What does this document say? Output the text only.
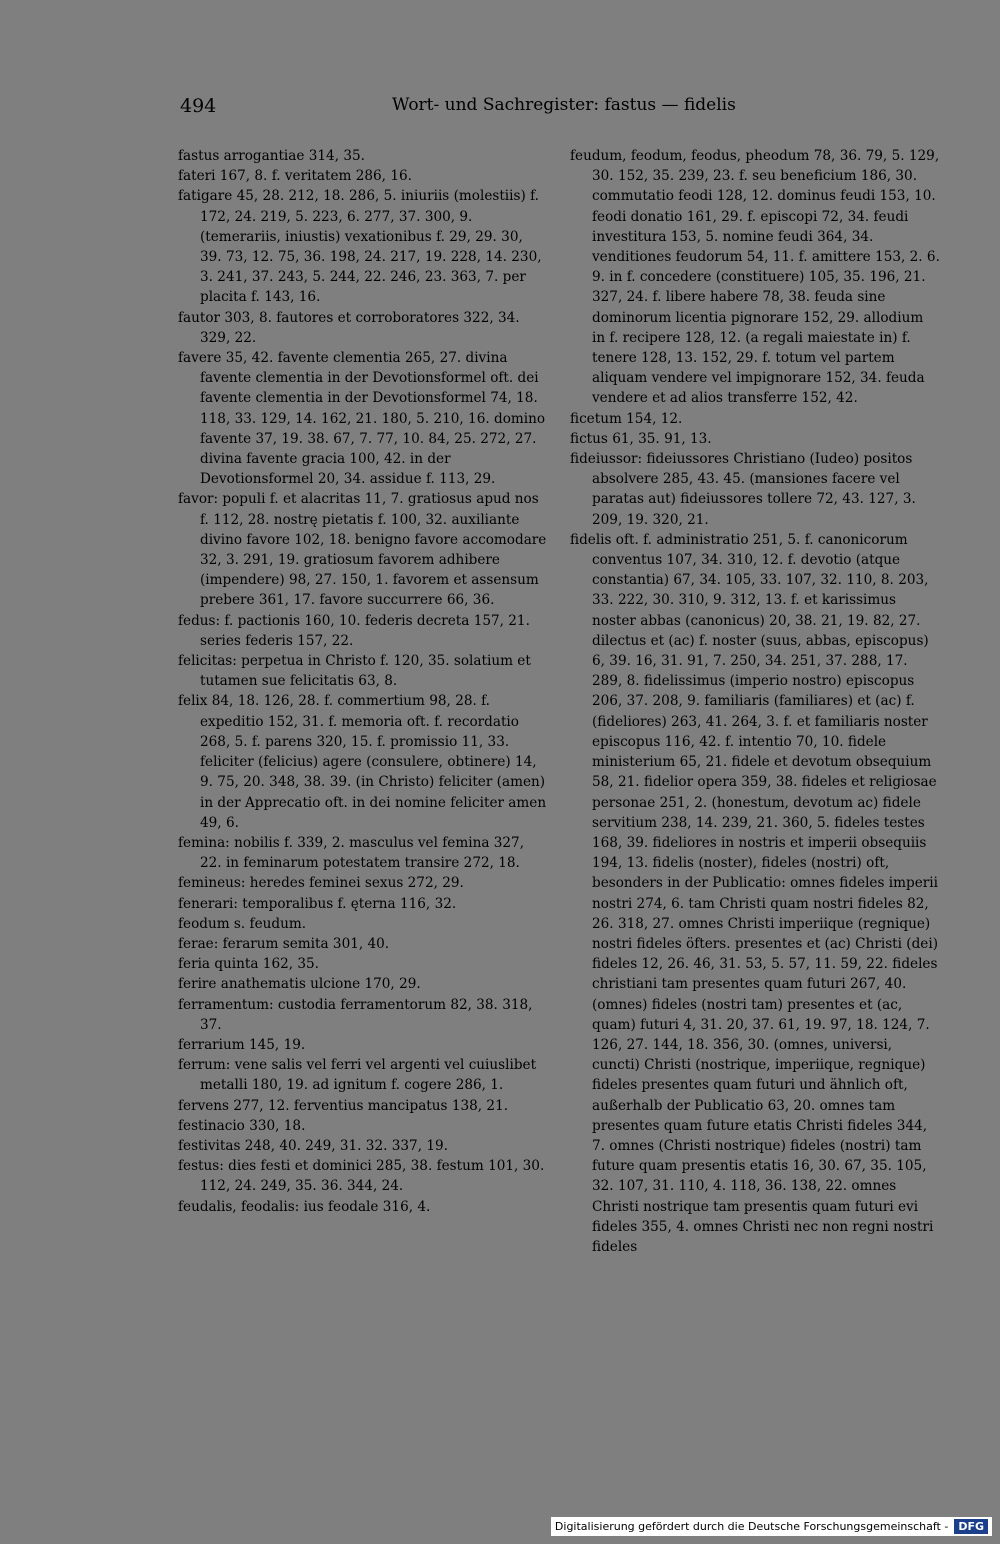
494	Wort- und Sachregister: fastus — fidelis

fastus arrogantiae 314, 35.

fateri 167, 8. f. veritatem 286, 16.

fatigare 45, 28. 212, 18. 286, 5. iniuriis (molestiis) f. 172, 24. 219, 5. 223, 6. 277, 37. 300, 9. (temerariis, iniustis) vexationibus f. 29, 29. 30, 39. 73, 12. 75, 36. 198, 24. 217, 19. 228, 14. 230, 3. 241, 37. 243, 5. 244, 22. 246, 23. 363, 7. per placita f. 143, 16.

fautor 303, 8. fautores et corroboratores 322, 34. 329, 22.

favere 35, 42. favente clementia 265, 27. divina favente clementia in der Devotionsformel oft. dei favente clementia in der Devotionsformel 74, 18. 118, 33. 129, 14. 162, 21. 180, 5. 210, 16. domino favente 37, 19. 38. 67, 7. 77, 10. 84, 25. 272, 27. divina favente gracia 100, 42. in der Devotionsformel 20, 34. assidue f. 113, 29.

favor: populi f. et alacritas 11, 7. gratiosus apud nos f. 112, 28. nostrę pietatis f. 100, 32. auxiliante divino favore 102, 18. benigno favore accomodare 32, 3. 291, 19. gratiosum favorem adhibere (impendere) 98, 27. 150, 1. favorem et assensum prebere 361, 17. favore succurrere 66, 36.

fedus: f. pactionis 160, 10. federis decreta 157, 21. series federis 157, 22.

felicitas: perpetua in Christo f. 120, 35. solatium et tutamen sue felicitatis 63, 8.

felix 84, 18. 126, 28. f. commertium 98, 28. f. expeditio 152, 31. f. memoria oft. f. recordatio 268, 5. f. parens 320, 15. f. promissio 11, 33. feliciter (felicius) agere (consulere, obtinere) 14, 9. 75, 20. 348, 38. 39. (in Christo) feliciter (amen) in der Apprecatio oft. in dei nomine feliciter amen 49, 6.

femina: nobilis f. 339, 2. masculus vel femina 327, 22. in feminarum potestatem transire 272, 18.

femineus: heredes feminei sexus 272, 29.

fenerari: temporalibus f. ęterna 116, 32.

feodum s. feudum.

ferae: ferarum semita 301, 40.

feria quinta 162, 35.

ferire anathematis ulcione 170, 29.

ferramentum: custodia ferramentorum 82, 38. 318, 37.

ferrarium 145, 19.

ferrum: vene salis vel ferri vel argenti vel cuiuslibet metalli 180, 19. ad ignitum f. cogere 286, 1.

fervens 277, 12. ferventius mancipatus 138, 21.

festinacio 330, 18.

festivitas 248, 40. 249, 31. 32. 337, 19.

festus: dies festi et dominici 285, 38. festum 101, 30. 112, 24. 249, 35. 36. 344, 24.

feudalis, feodalis: ius feodale 316, 4.

feudum, feodum, feodus, pheodum 78, 36. 79, 5. 129, 30. 152, 35. 239, 23. f. seu beneficium 186, 30. commutatio feodi 128, 12. dominus feudi 153, 10. feodi donatio 161, 29. f. episcopi 72, 34. feudi investitura 153, 5. nomine feudi 364, 34. venditiones feudorum 54, 11. f. amittere 153, 2. 6. 9. in f. concedere (constituere) 105, 35. 196, 21. 327, 24. f. libere habere 78, 38. feuda sine dominorum licentia pignorare 152, 29. allodium in f. recipere 128, 12. (a regali maiestate in) f. tenere 128, 13. 152, 29. f. totum vel partem aliquam vendere vel impignorare 152, 34. feuda vendere et ad alios transferre 152, 42.

ficetum 154, 12.

fictus 61, 35. 91, 13.

fideiussor: fideiussores Christiano (Iudeo) positos absolvere 285, 43. 45. (mansiones facere vel paratas aut) fideiussores tollere 72, 43. 127, 3. 209, 19. 320, 21.

fidelis oft. f. administratio 251, 5. f. canonicorum conventus 107, 34. 310, 12. f. devotio (atque constantia) 67, 34. 105, 33. 107, 32. 110, 8. 203, 33. 222, 30. 310, 9. 312, 13. f. et karissimus noster abbas (canonicus) 20, 38. 21, 19. 82, 27. dilectus et (ac) f. noster (suus, abbas, episcopus) 6, 39. 16, 31. 91, 7. 250, 34. 251, 37. 288, 17. 289, 8. fidelissimus (imperio nostro) episcopus 206, 37. 208, 9. familiaris (familiares) et (ac) f. (fideliores) 263, 41. 264, 3. f. et familiaris noster episcopus 116, 42. f. intentio 70, 10. fidele ministerium 65, 21. fidele et devotum obsequium 58, 21. fidelior opera 359, 38. fideles et religiosae personae 251, 2. (honestum, devotum ac) fidele servitium 238, 14. 239, 21. 360, 5. fideles testes 168, 39. fideliores in nostris et imperii obsequiis 194, 13. fidelis (noster), fideles (nostri) oft, besonders in der Publicatio: omnes fideles imperii nostri 274, 6. tam Christi quam nostri fideles 82, 26. 318, 27. omnes Christi imperiique (regnique) nostri fideles öfters. presentes et (ac) Christi (dei) fideles 12, 26. 46, 31. 53, 5. 57, 11. 59, 22. fideles christiani tam presentes quam futuri 267, 40. (omnes) fideles (nostri tam) presentes et (ac, quam) futuri 4, 31. 20, 37. 61, 19. 97, 18. 124, 7. 126, 27. 144, 18. 356, 30. (omnes, universi, cuncti) Christi (nostrique, imperiique, regnique) fideles presentes quam futuri und ähnlich oft, außerhalb der Publicatio 63, 20. omnes tam presentes quam future etatis Christi fideles 344, 7. omnes (Christi nostrique) fideles (nostri) tam future quam presentis etatis 16, 30. 67, 35. 105, 32. 107, 31. 110, 4. 118, 36. 138, 22. omnes Christi nostrique tam presentis quam futuri evi fideles 355, 4. omnes Christi nec non regni nostri fideles

Digitalisierung gefördert durch die Deutsche Forschungsgemeinschaft - DFG
